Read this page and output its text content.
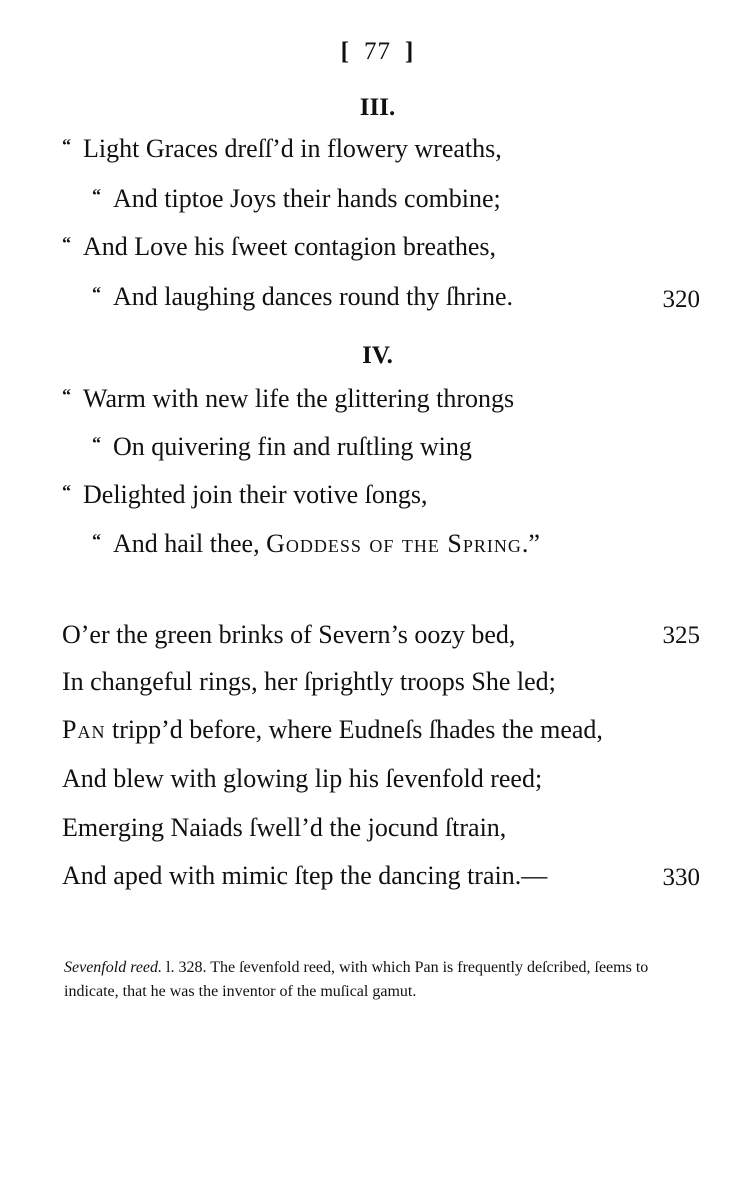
[ 77 ]
III.
“ Light Graces dreſſ’d in flowery wreaths,
“ And tiptoe Joys their hands combine;
“ And Love his ſweet contagion breathes,
“ And laughing dances round thy ſhrine.	320
IV.
“ Warm with new life the glittering throngs
“ On quivering fin and ruſtling wing
“ Delighted join their votive ſongs,
“ And hail thee, Goddess of the Spring.”
O’er the green brinks of Severn’s oozy bed,	325
In changeful rings, her ſprightly troops She led;
Pan tripp’d before, where Eudneſs ſhades the mead,
And blew with glowing lip his ſevenfold reed;
Emerging Naiads ſwell’d the jocund ſtrain,
And aped with mimic ſtep the dancing train.—	330
Sevenfold reed. l. 328. The ſevenfold reed, with which Pan is frequently deſcribed, ſeems to indicate, that he was the inventor of the muſical gamut.
